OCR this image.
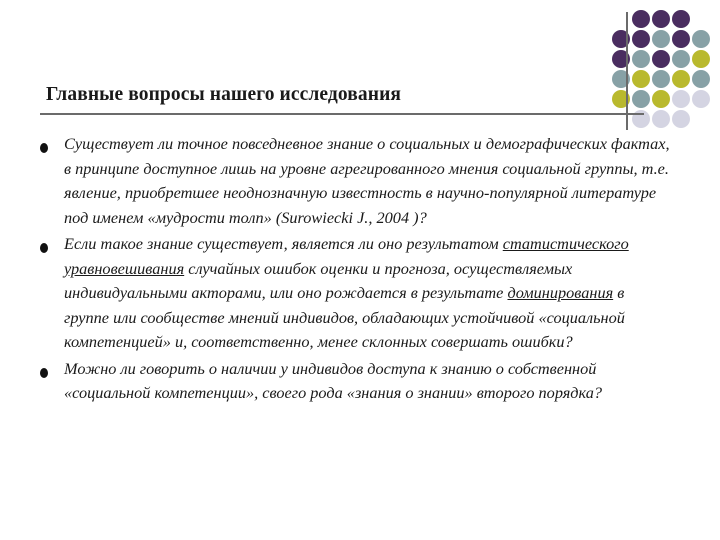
Главные вопросы нашего исследования
Существует ли точное повседневное знание о социальных и демографических фактах, в принципе доступное лишь на уровне агрегированного мнения социальной группы, т.е. явление, приобретшее неоднозначную известность в научно-популярной литературе под именем «мудрости толп» (Surowiecki J., 2004 )?
Если такое знание существует, является ли оно результатом статистического уравновешивания случайных ошибок оценки и прогноза, осуществляемых индивидуальными акторами, или оно рождается в результате доминирования в группе или сообществе мнений индивидов, обладающих устойчивой «социальной компетенцией» и, соответственно, менее склонных совершать ошибки?
Можно ли говорить о наличии у индивидов доступа к знанию о собственной «социальной компетенции», своего рода «знания о знании» второго порядка?
